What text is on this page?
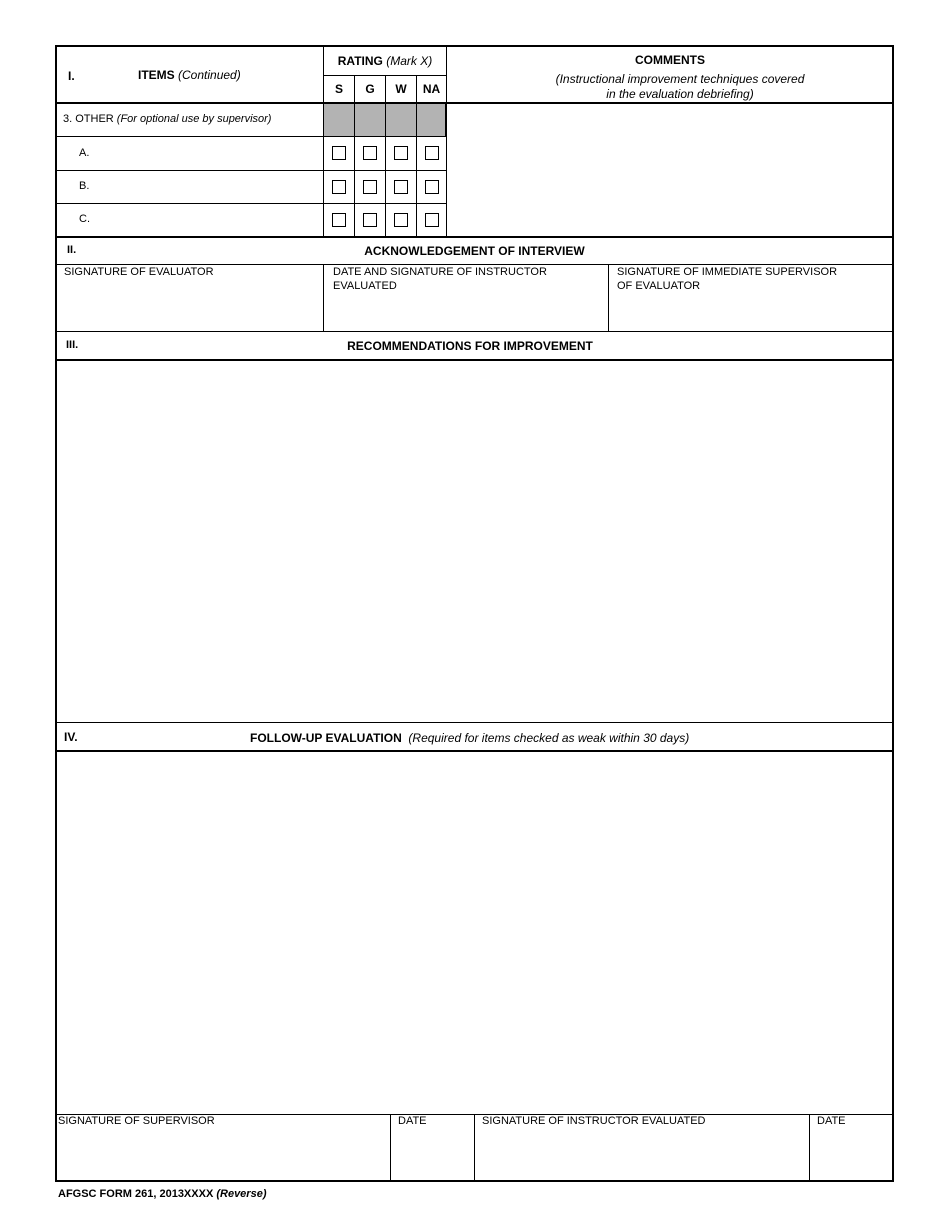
I.	ITEMS (Continued)
RATING (Mark X)
S	G	W	NA
COMMENTS
(Instructional improvement techniques covered
in the evaluation debriefing)
3. OTHER (For optional use by supervisor)
A.
B.
C.
II.	ACKNOWLEDGEMENT OF INTERVIEW
SIGNATURE OF EVALUATOR	DATE AND SIGNATURE OF INSTRUCTOR
EVALUATED
SIGNATURE OF IMMEDIATE SUPERVISOR
OF EVALUATOR
III.	RECOMMENDATIONS FOR IMPROVEMENT
IV.	FOLLOW-UP EVALUATION (Required for items checked as weak within 30 days)
SIGNATURE OF SUPERVISOR	DATE	SIGNATURE OF INSTRUCTOR EVALUATED	DATE
AFGSC FORM 261, 2013XXXX (Reverse)
